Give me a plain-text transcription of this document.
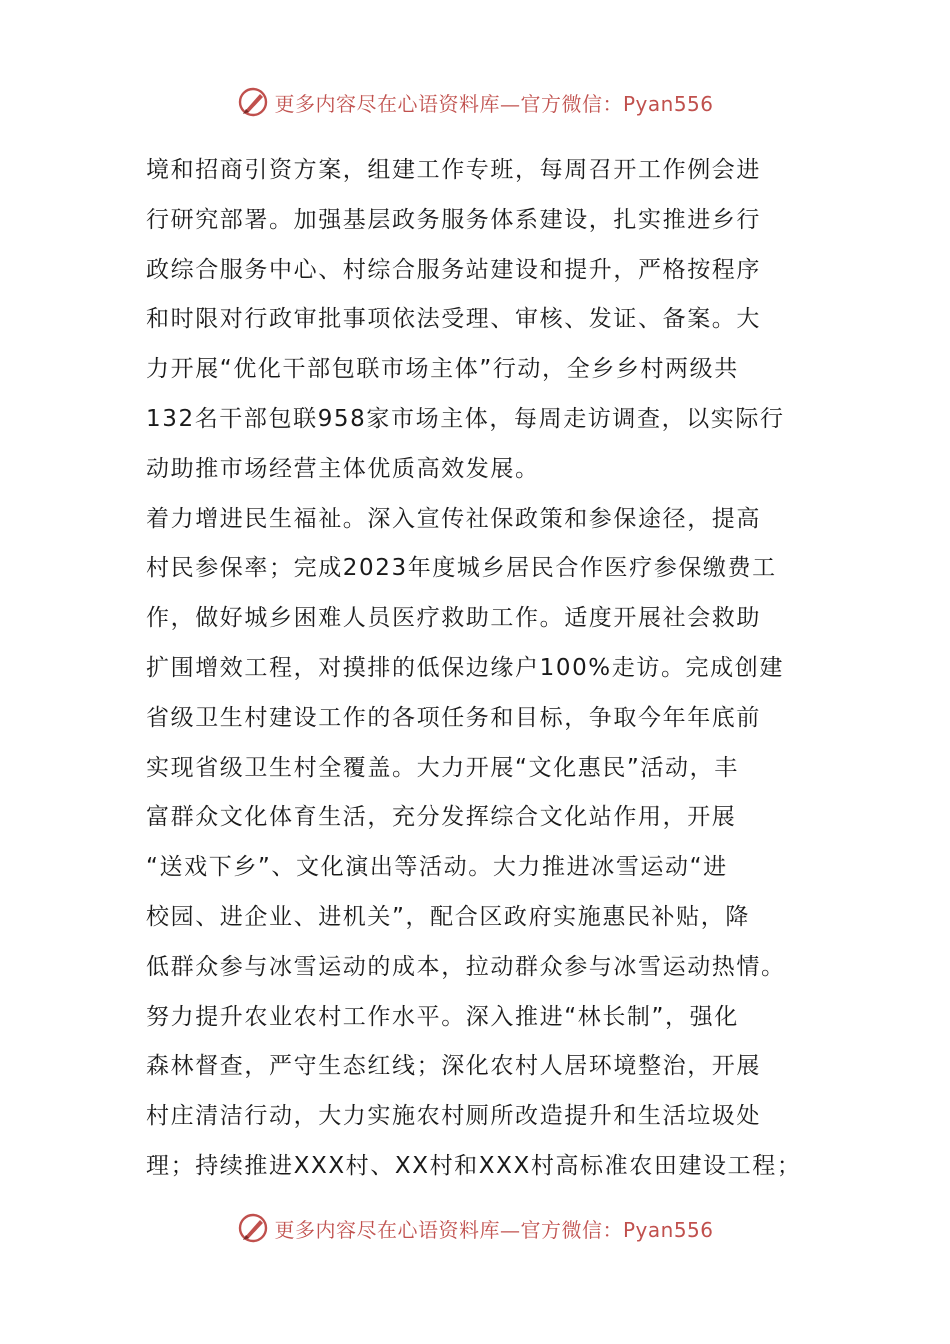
更多内容尽在心语资料库—官方微信：Pyan556
境和招商引资方案，组建工作专班，每周召开工作例会进
行研究部署。加强基层政务服务体系建设，扎实推进乡行
政综合服务中心、村综合服务站建设和提升，严格按程序
和时限对行政审批事项依法受理、审核、发证、备案。大
力开展“优化干部包联市场主体”行动，全乡乡村两级共
132名干部包联958家市场主体，每周走访调查，以实际行
动助推市场经营主体优质高效发展。
着力增进民生福祉。深入宣传社保政策和参保途径，提高
村民参保率；完成2023年度城乡居民合作医疗参保缴费工
作，做好城乡困难人员医疗救助工作。适度开展社会救助
扩围增效工程，对摸排的低保边缘户100%走访。完成创建
省级卫生村建设工作的各项任务和目标，争取今年年底前
实现省级卫生村全覆盖。大力开展“文化惠民”活动，丰
富群众文化体育生活，充分发挥综合文化站作用，开展
“送戏下乡”、文化演出等活动。大力推进冰雪运动“进
校园、进企业、进机关”，配合区政府实施惠民补贴，降
低群众参与冰雪运动的成本，拉动群众参与冰雪运动热情。
努力提升农业农村工作水平。深入推进“林长制”，强化
森林督查，严守生态红线；深化农村人居环境整治，开展
村庄清洁行动，大力实施农村厕所改造提升和生活垃圾处
理；持续推进XXX村、XX村和XXX村高标准农田建设工程；
更多内容尽在心语资料库—官方微信：Pyan556
